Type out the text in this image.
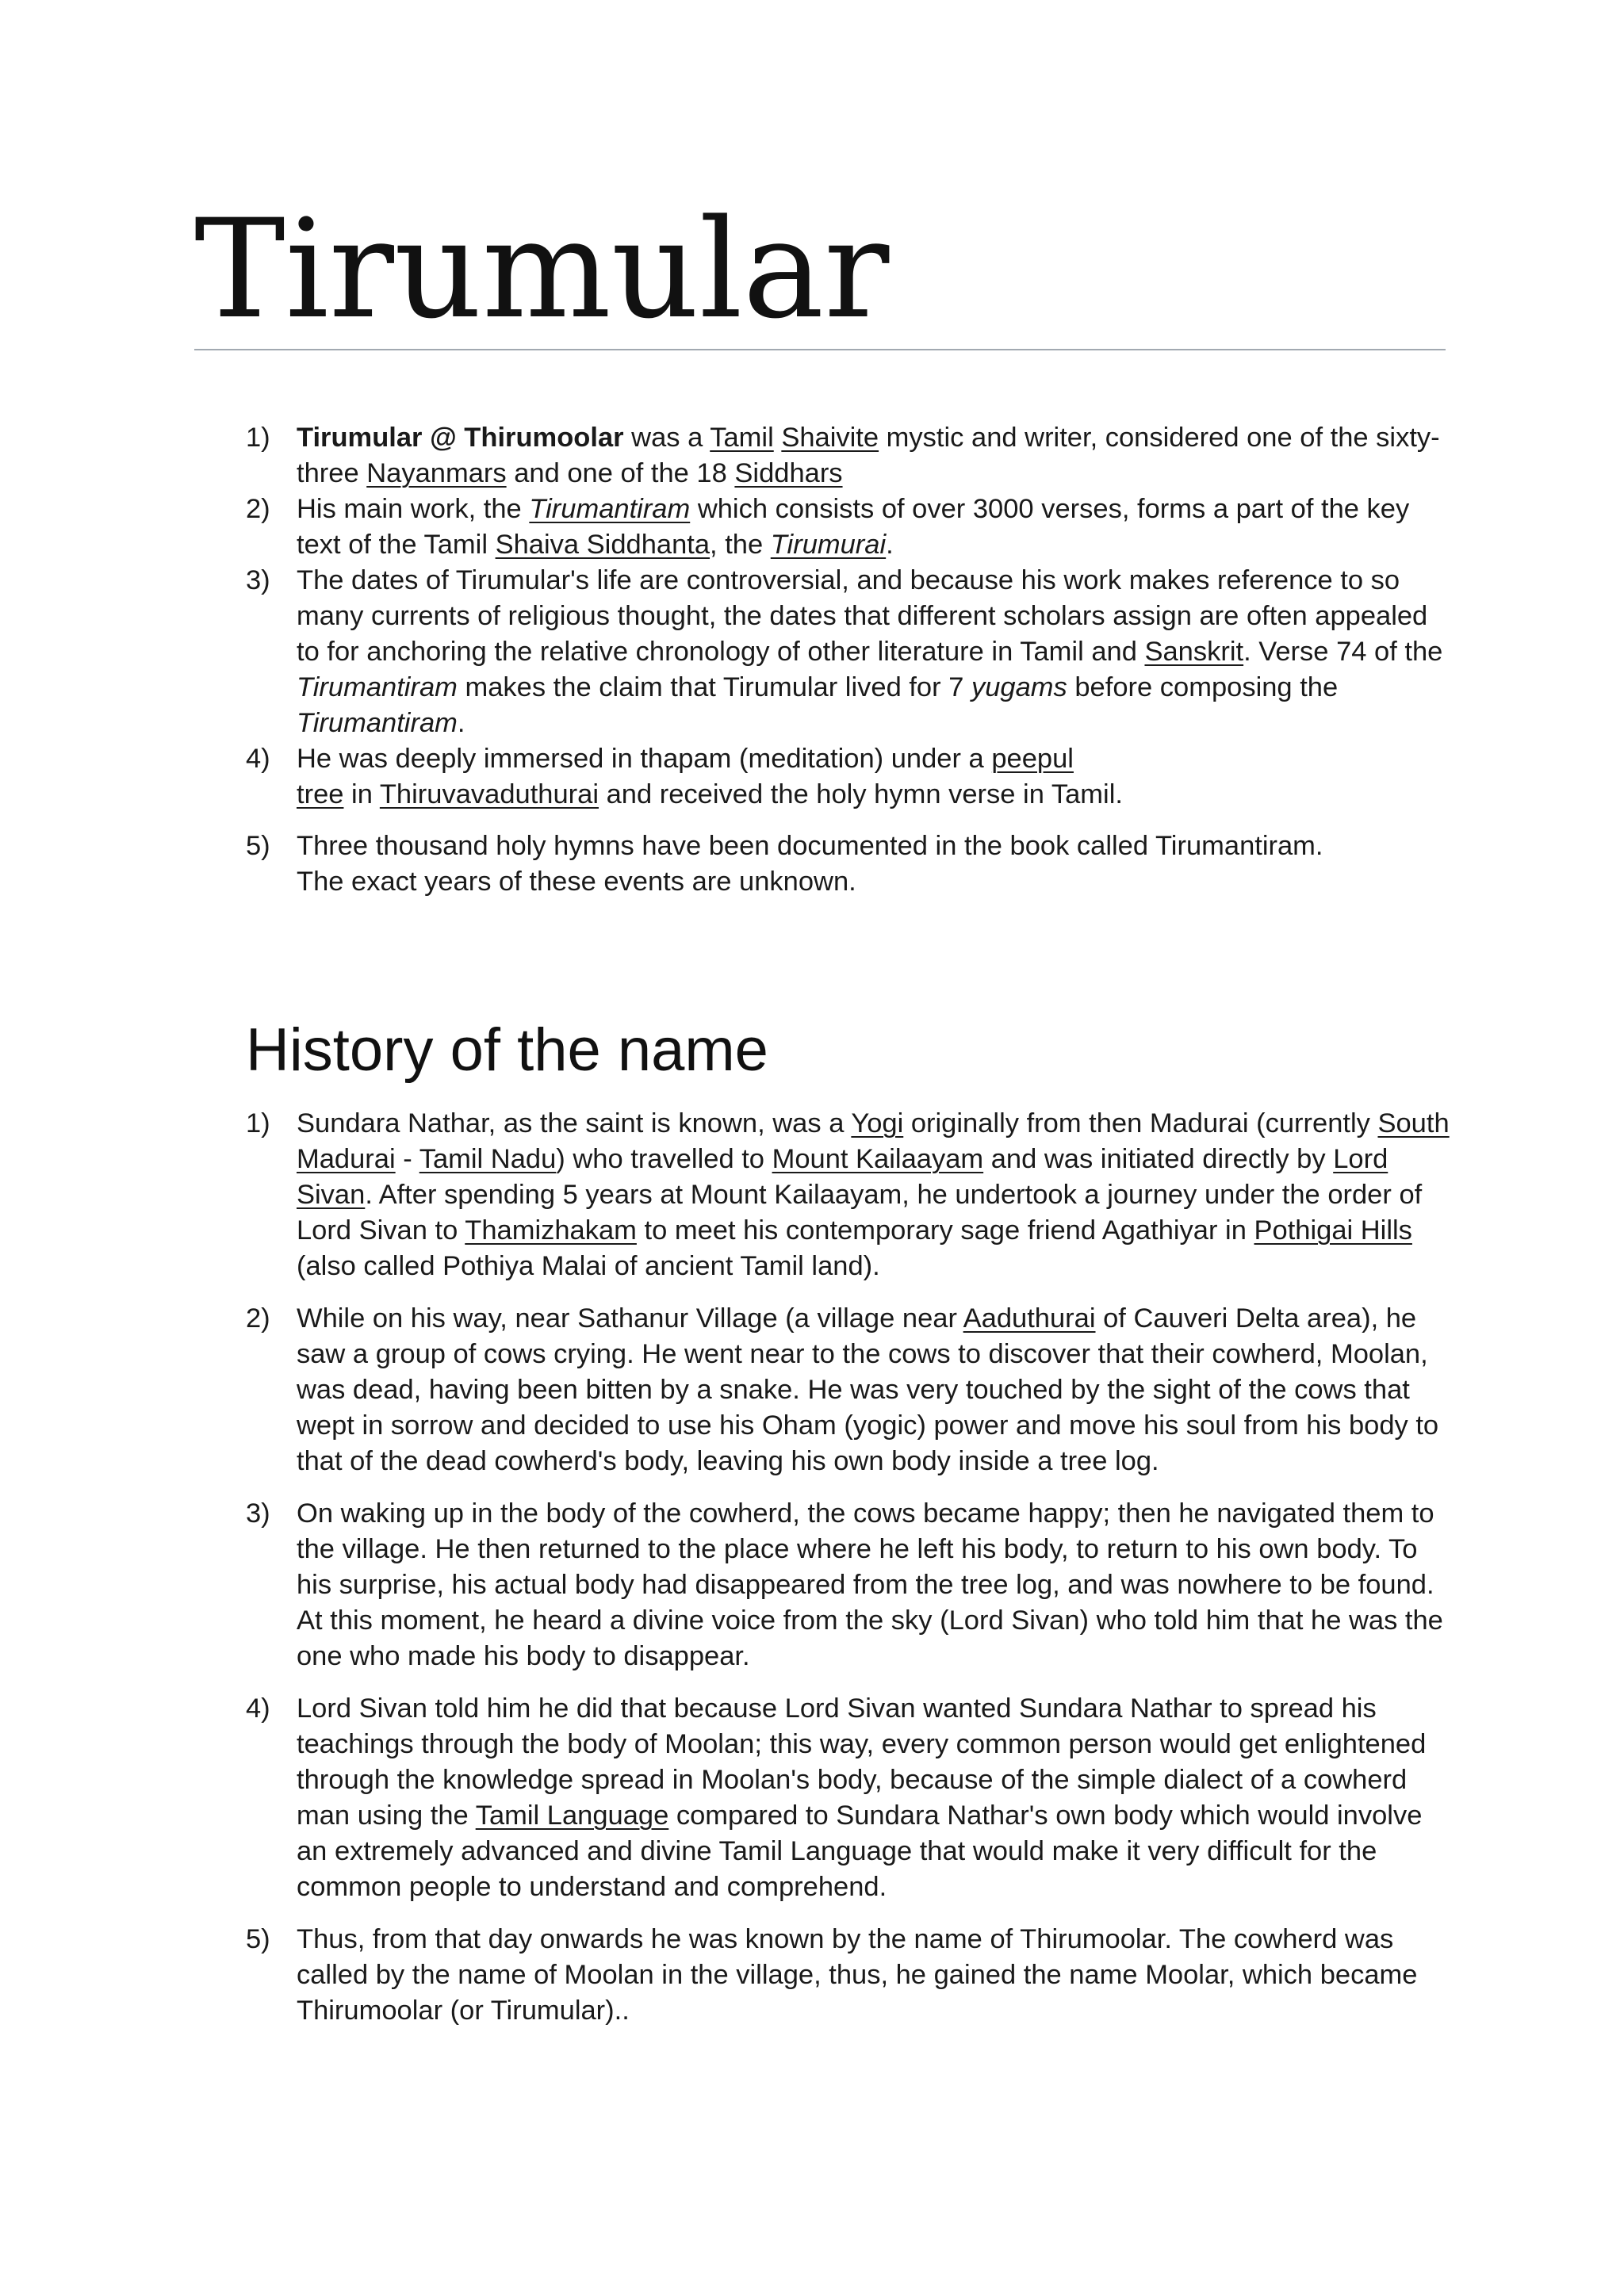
Tirumular
1) Tirumular @ Thirumoolar was a Tamil Shaivite mystic and writer, considered one of the sixty-three Nayanmars and one of the 18 Siddhars
2) His main work, the Tirumantiram which consists of over 3000 verses, forms a part of the key text of the Tamil Shaiva Siddhanta, the Tirumurai.
3) The dates of Tirumular's life are controversial, and because his work makes reference to so many currents of religious thought, the dates that different scholars assign are often appealed to for anchoring the relative chronology of other literature in Tamil and Sanskrit. Verse 74 of the Tirumantiram makes the claim that Tirumular lived for 7 yugams before composing the Tirumantiram.
4) He was deeply immersed in thapam (meditation) under a peepul
tree in Thiruvavaduthurai and received the holy hymn verse in Tamil.
5) Three thousand holy hymns have been documented in the book called Tirumantiram.
The exact years of these events are unknown.
History of the name
1) Sundara Nathar, as the saint is known, was a Yogi originally from then Madurai (currently South Madurai - Tamil Nadu) who travelled to Mount Kailaayam and was initiated directly by Lord Sivan. After spending 5 years at Mount Kailaayam, he undertook a journey under the order of Lord Sivan to Thamizhakam to meet his contemporary sage friend Agathiyar in Pothigai Hills (also called Pothiya Malai of ancient Tamil land).
2) While on his way, near Sathanur Village (a village near Aaduthurai of Cauveri Delta area), he saw a group of cows crying. He went near to the cows to discover that their cowherd, Moolan, was dead, having been bitten by a snake. He was very touched by the sight of the cows that wept in sorrow and decided to use his Oham (yogic) power and move his soul from his body to that of the dead cowherd's body, leaving his own body inside a tree log.
3) On waking up in the body of the cowherd, the cows became happy; then he navigated them to the village. He then returned to the place where he left his body, to return to his own body. To his surprise, his actual body had disappeared from the tree log, and was nowhere to be found. At this moment, he heard a divine voice from the sky (Lord Sivan) who told him that he was the one who made his body to disappear.
4) Lord Sivan told him he did that because Lord Sivan wanted Sundara Nathar to spread his teachings through the body of Moolan; this way, every common person would get enlightened through the knowledge spread in Moolan's body, because of the simple dialect of a cowherd man using the Tamil Language compared to Sundara Nathar's own body which would involve an extremely advanced and divine Tamil Language that would make it very difficult for the common people to understand and comprehend.
5) Thus, from that day onwards he was known by the name of Thirumoolar. The cowherd was called by the name of Moolan in the village, thus, he gained the name Moolar, which became Thirumoolar (or Tirumular)..
